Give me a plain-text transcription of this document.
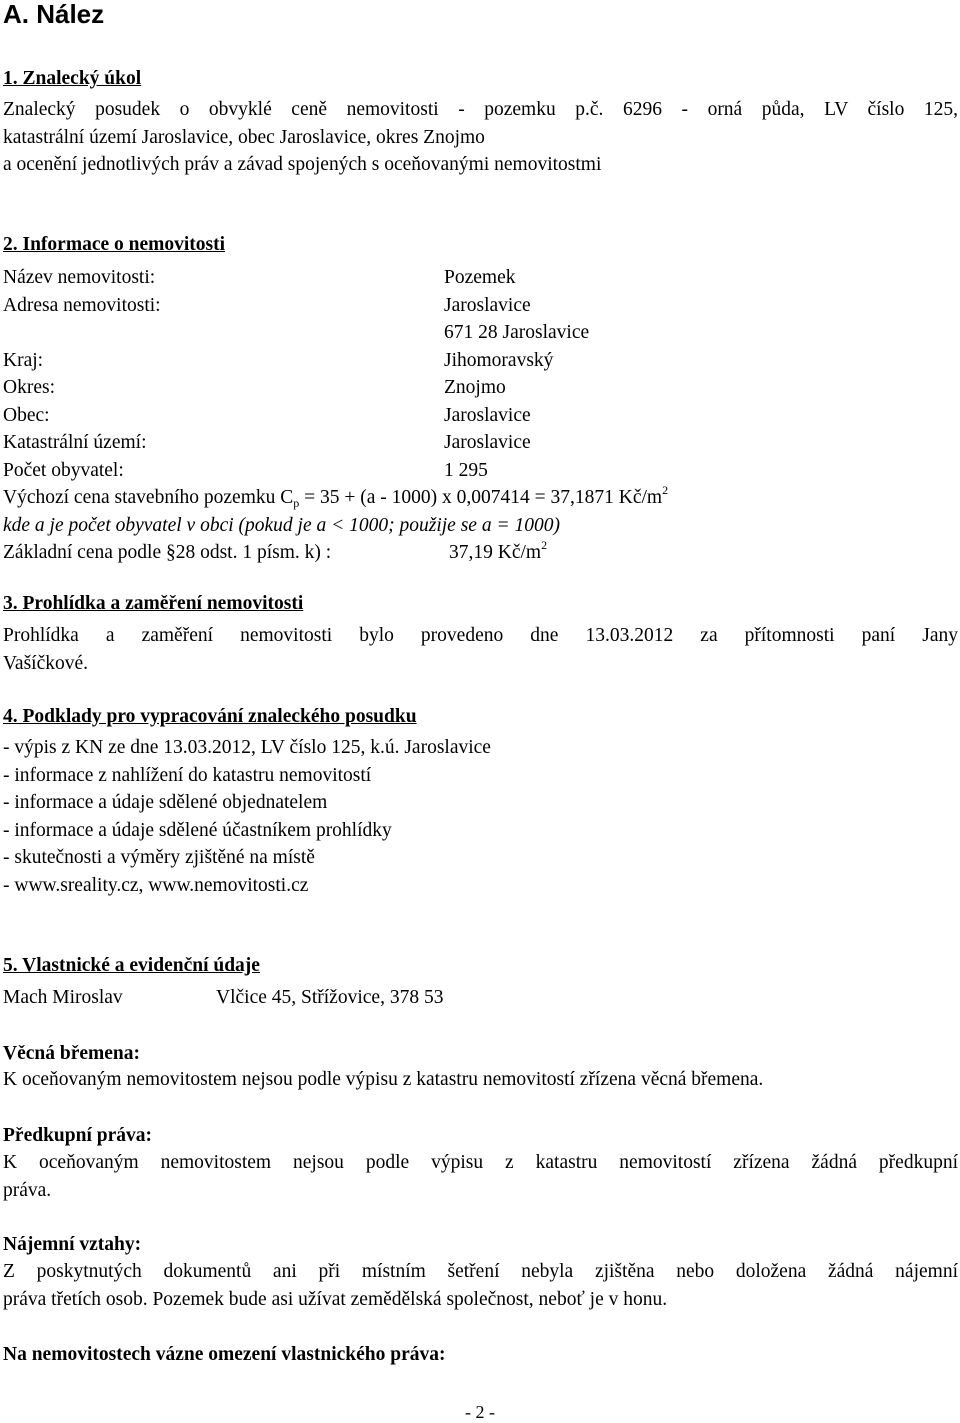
A. Nález
1. Znalecký úkol
Znalecký posudek o obvyklé ceně nemovitosti - pozemku p.č. 6296 - orná půda, LV číslo 125,
katastrální území Jaroslavice, obec Jaroslavice, okres Znojmo
a ocenění jednotlivých práv a závad spojených s oceňovanými nemovitostmi
2. Informace o nemovitosti
Název nemovitosti:	Pozemek
Adresa nemovitosti:	Jaroslavice
671 28 Jaroslavice
Kraj:	Jihomoravský
Okres:	Znojmo
Obec:	Jaroslavice
Katastrální území:	Jaroslavice
Počet obyvatel:	1 295
Výchozí cena stavebního pozemku $C_p = 35 + (a - 1000)$ x 0,007414 = 37,1871 $Kč/m^2$
kde a je počet obyvatel v obci (pokud je a < 1000; použije se a = 1000)
Základní cena podle §28 odst. 1 písm. k) :	37,19 $Kč/m^2$
3. Prohlídka a zaměření nemovitosti
Prohlídka a zaměření nemovitosti bylo provedeno dne 13.03.2012 za přítomnosti paní Jany
Vašíčkové.
4. Podklady pro vypracování znaleckého posudku
- výpis z KN ze dne 13.03.2012, LV číslo 125, k.ú. Jaroslavice
- informace z nahlížení do katastru nemovitostí
- informace a údaje sdělené objednatelem
- informace a údaje sdělené účastníkem prohlídky
- skutečnosti a výměry zjištěné na místě
- www.sreality.cz, www.nemovitosti.cz
5. Vlastnické a evidenční údaje
Mach Miroslav	Vlčice 45, Střížovice, 378 53
Věcná břemena:
K oceňovaným nemovitostem nejsou podle výpisu z katastru nemovitostí zřízena věcná břemena.
Předkupní práva:
K oceňovaným nemovitostem nejsou podle výpisu z katastru nemovitostí zřízena žádná předkupní
práva.
Nájemní vztahy:
Z poskytnutých dokumentů ani při místním šetření nebyla zjištěna nebo doložena žádná nájemní
práva třetích osob. Pozemek bude asi užívat zemědělská společnost, neboť je v honu.
Na nemovitostech vázne omezení vlastnického práva:
- 2 -
